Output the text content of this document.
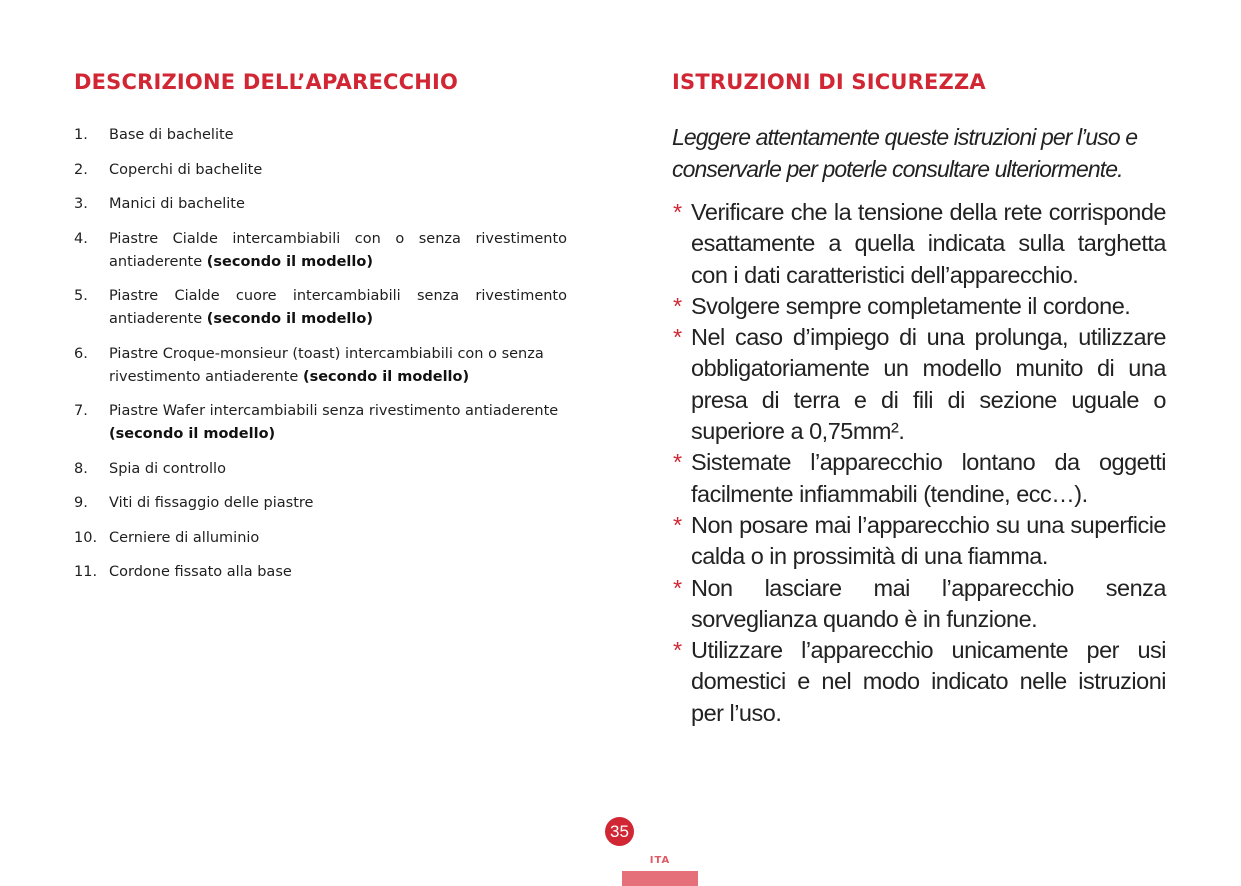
DESCRIZIONE DELL’APARECCHIO
1. Base di bachelite
2. Coperchi di bachelite
3. Manici di bachelite
4. Piastre Cialde intercambiabili con o senza rivestimento antiaderente (secondo il modello)
5. Piastre Cialde cuore intercambiabili senza rivestimento antiaderente (secondo il modello)
6. Piastre Croque-monsieur (toast) intercambiabili con o senza rivestimento antiaderente (secondo il modello)
7. Piastre Wafer intercambiabili senza rivestimento antiaderente (secondo il modello)
8. Spia di controllo
9. Viti di fissaggio delle piastre
10. Cerniere di alluminio
11. Cordone fissato alla base
ISTRUZIONI DI SICUREZZA

Leggere attentamente queste istruzioni per l’uso e conservarle per poterle consultare ulteriormente.

* Verificare che la tensione della rete corrisponde esattamente a quella indicata sulla targhetta con i dati caratteristici dell’apparecchio.
* Svolgere sempre completamente il cordone.
* Nel caso d’impiego di una prolunga, utilizzare obbligatoriamente un modello munito di una presa di terra e di fili di sezione uguale o superiore a 0,75mm².
* Sistemate l’apparecchio lontano da oggetti facilmente infiammabili (tendine, ecc…).
* Non posare mai l’apparecchio su una superficie calda o in prossimità di una fiamma.
* Non lasciare mai l’apparecchio senza sorveglianza quando è in funzione.
* Utilizzare l’apparecchio unicamente per usi domestici e nel modo indicato nelle istruzioni per l’uso.
35
ITA
